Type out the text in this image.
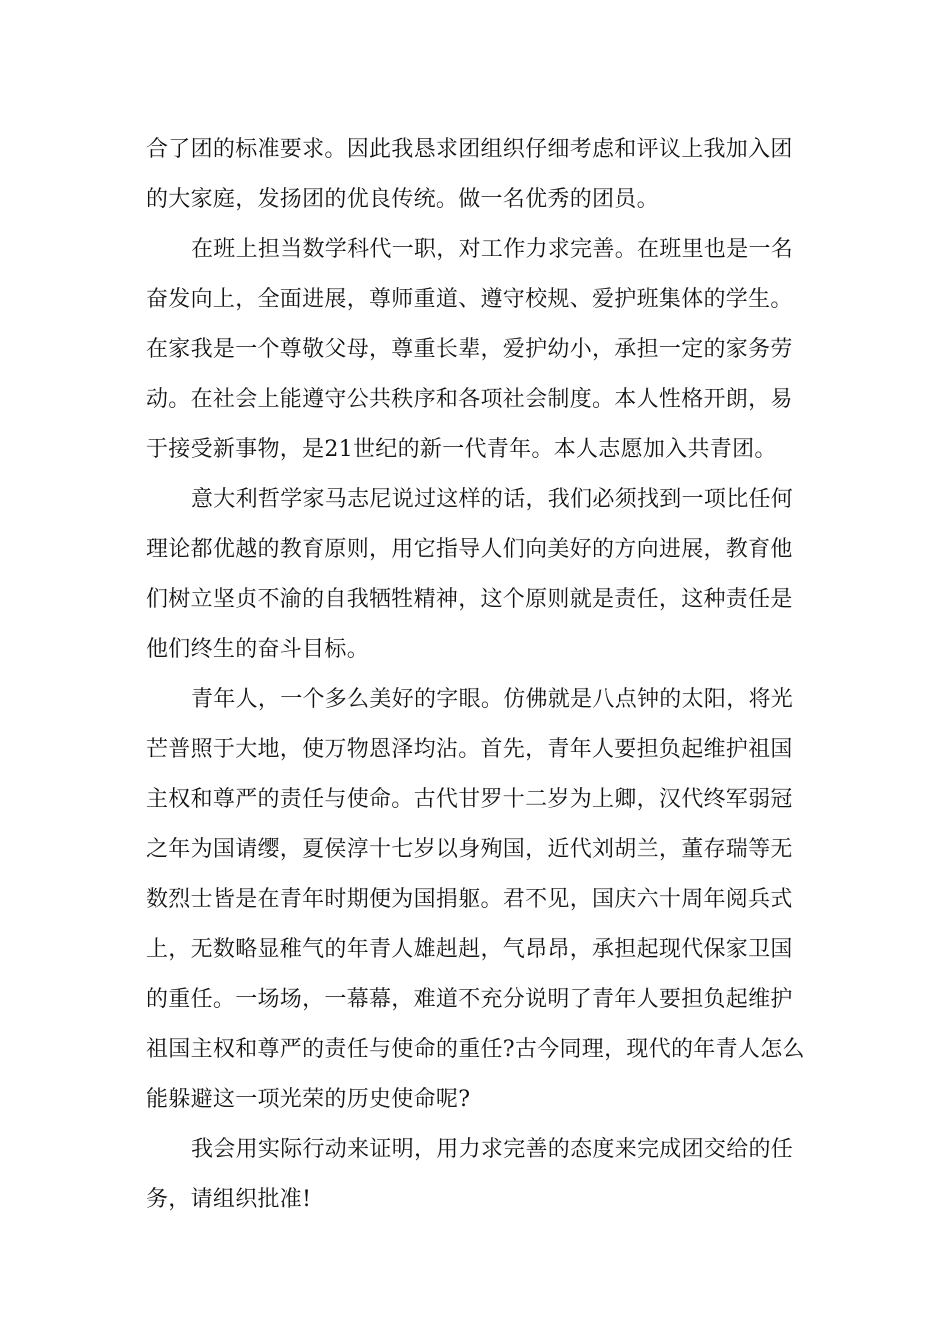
合了团的标准要求。因此我恳求团组织仔细考虑和评议上我加入团
的大家庭，发扬团的优良传统。做一名优秀的团员。
在班上担当数学科代一职，对工作力求完善。在班里也是一名
奋发向上，全面进展，尊师重道、遵守校规、爱护班集体的学生。
在家我是一个尊敬父母，尊重长辈，爱护幼小，承担一定的家务劳
动。在社会上能遵守公共秩序和各项社会制度。本人性格开朗，易
于接受新事物，是21世纪的新一代青年。本人志愿加入共青团。
意大利哲学家马志尼说过这样的话，我们必须找到一项比任何
理论都优越的教育原则，用它指导人们向美好的方向进展，教育他
们树立坚贞不渝的自我牺牲精神，这个原则就是责任，这种责任是
他们终生的奋斗目标。
青年人，一个多么美好的字眼。仿佛就是八点钟的太阳，将光
芒普照于大地，使万物恩泽均沾。首先，青年人要担负起维护祖国
主权和尊严的责任与使命。古代甘罗十二岁为上卿，汉代终军弱冠
之年为国请缨，夏侯淳十七岁以身殉国，近代刘胡兰，董存瑞等无
数烈士皆是在青年时期便为国捐躯。君不见，国庆六十周年阅兵式
上，无数略显稚气的年青人雄赳赳，气昂昂，承担起现代保家卫国
的重任。一场场，一幕幕，难道不充分说明了青年人要担负起维护
祖国主权和尊严的责任与使命的重任?古今同理，现代的年青人怎么
能躲避这一项光荣的历史使命呢?
我会用实际行动来证明，用力求完善的态度来完成团交给的任
务，请组织批准!
